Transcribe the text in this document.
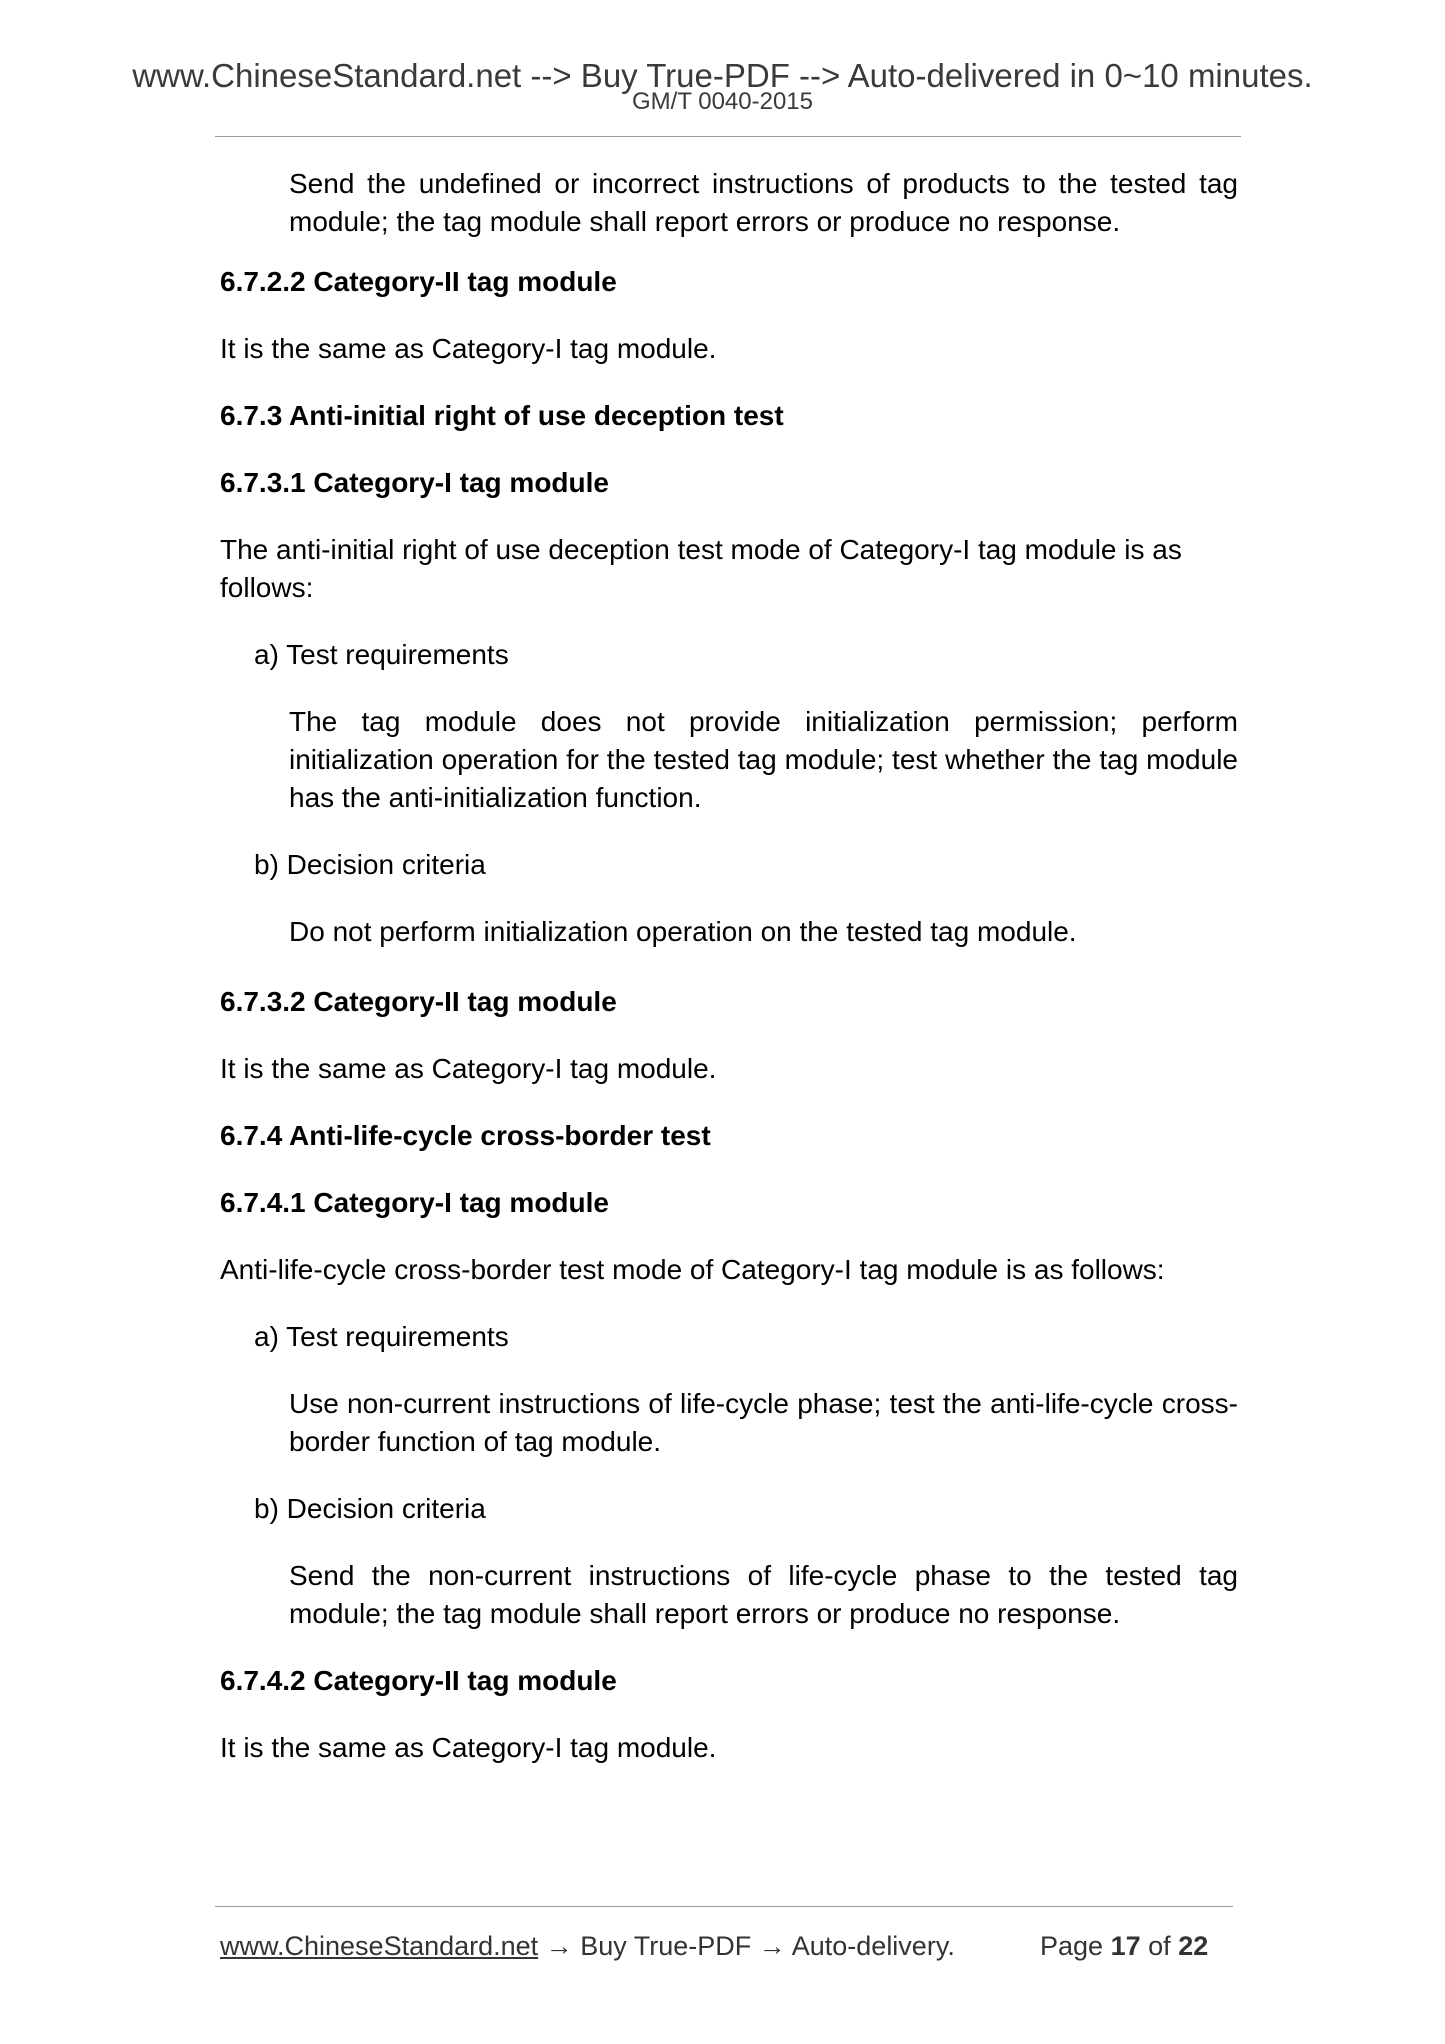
www.ChineseStandard.net --> Buy True-PDF --> Auto-delivered in 0~10 minutes.
GM/T 0040-2015

Send the undefined or incorrect instructions of products to the tested tag module; the tag module shall report errors or produce no response.

6.7.2.2 Category-II tag module

It is the same as Category-I tag module.

6.7.3 Anti-initial right of use deception test

6.7.3.1 Category-I tag module

The anti-initial right of use deception test mode of Category-I tag module is as follows:

a) Test requirements

The tag module does not provide initialization permission; perform initialization operation for the tested tag module; test whether the tag module has the anti-initialization function.

b) Decision criteria

Do not perform initialization operation on the tested tag module.

6.7.3.2 Category-II tag module

It is the same as Category-I tag module.

6.7.4 Anti-life-cycle cross-border test

6.7.4.1 Category-I tag module

Anti-life-cycle cross-border test mode of Category-I tag module is as follows:

a) Test requirements

Use non-current instructions of life-cycle phase; test the anti-life-cycle cross-border function of tag module.

b) Decision criteria

Send the non-current instructions of life-cycle phase to the tested tag module; the tag module shall report errors or produce no response.

6.7.4.2 Category-II tag module

It is the same as Category-I tag module.

www.ChineseStandard.net → Buy True-PDF → Auto-delivery.	Page 17 of 22
